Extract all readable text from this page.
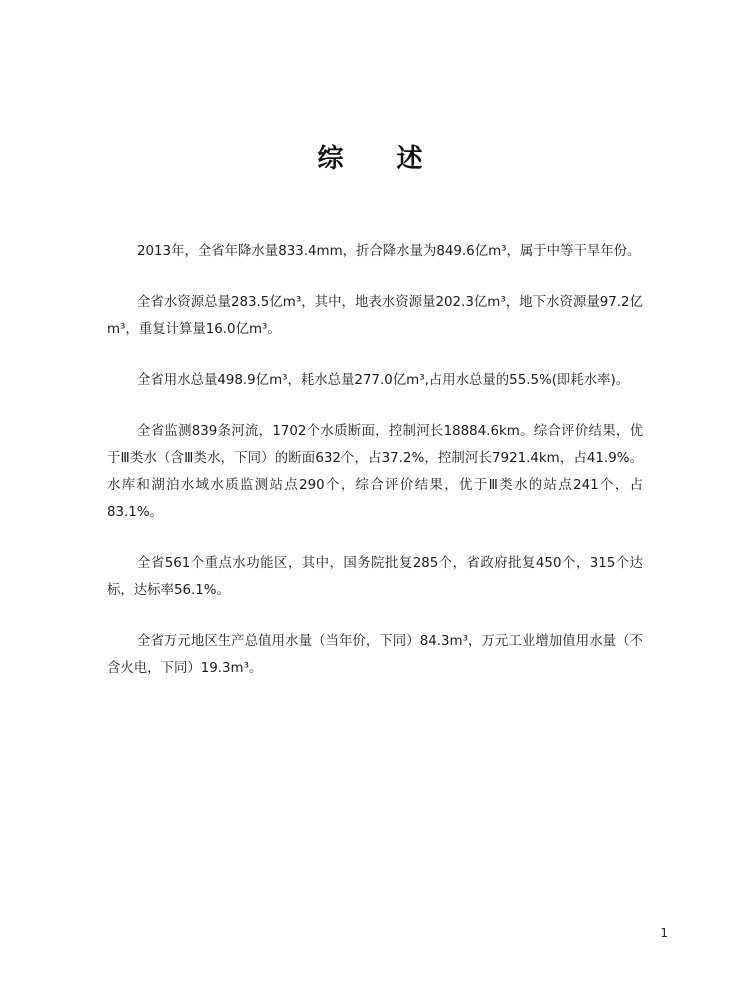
综 述

2013年，全省年降水量833.4mm，折合降水量为849.6亿m³，属于中等干旱年份。

全省水资源总量283.5亿m³，其中，地表水资源量202.3亿m³，地下水资源量97.2亿m³，重复计算量16.0亿m³。

全省用水总量498.9亿m³，耗水总量277.0亿m³,占用水总量的55.5%(即耗水率)。

全省监测839条河流，1702个水质断面，控制河长18884.6km。综合评价结果，优于Ⅲ类水（含Ⅲ类水，下同）的断面632个，占37.2%，控制河长7921.4km，占41.9%。水库和湖泊水域水质监测站点290个，综合评价结果，优于Ⅲ类水的站点241个，占83.1%。

全省561个重点水功能区，其中，国务院批复285个，省政府批复450个，315个达标，达标率56.1%。

全省万元地区生产总值用水量（当年价，下同）84.3m³，万元工业增加值用水量（不含火电，下同）19.3m³。

1
